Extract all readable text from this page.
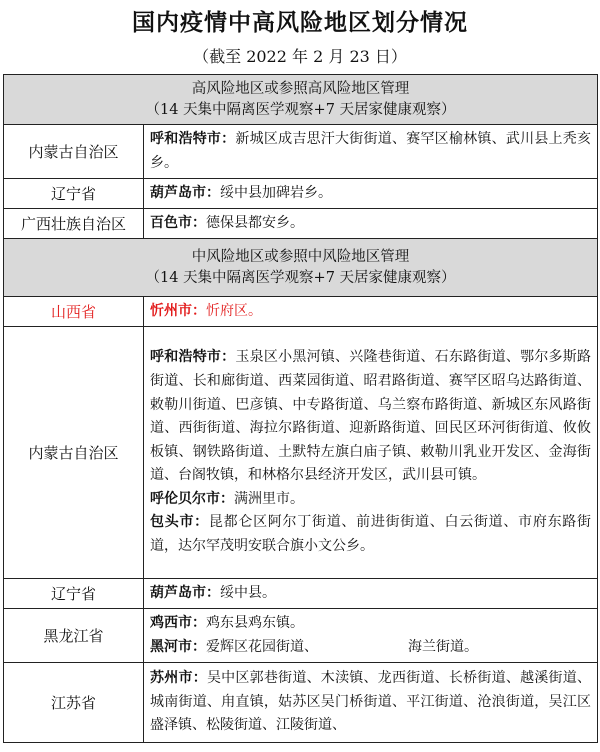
国内疫情中高风险地区划分情况
（截至 2022 年 2 月 23 日）
高风险地区或参照高风险地区管理
（14 天集中隔离医学观察+7 天居家健康观察）	

内蒙古自治区	呼和浩特市：新城区成吉思汗大街街道、赛罕区榆林镇、武川县上秃亥乡。
辽宁省	葫芦岛市：绥中县加碑岩乡。
广西壮族自治区	百色市：德保县都安乡。

中风险地区或参照中风险地区管理
（14 天集中隔离医学观察+7 天居家健康观察）	

山西省	忻州市：忻府区。
内蒙古自治区	呼和浩特市：玉泉区小黑河镇、兴隆巷街道、石东路街道、鄂尔多斯路街道、长和廊街道、西菜园街道、昭君路街道、赛罕区昭乌达路街道、敕勒川街道、巴彦镇、中专路街道、乌兰察布路街道、新城区东风路街道、西街街道、海拉尔路街道、迎新路街道、回民区环河街街道、攸攸板镇、钢铁路街道、土默特左旗白庙子镇、敕勒川乳业开发区、金海街道、台阁牧镇，和林格尔县经济开发区，武川县可镇。
呼伦贝尔市：满洲里市。
包头市：昆都仑区阿尔丁街道、前进街街道、白云街道、市府东路街道，达尔罕茂明安联合旗小文公乡。

辽宁省	葫芦岛市：绥中县。
黑龙江省	鸡西市：鸡东县鸡东镇。
黑河市：爱辉区花园街道、 海兰街道。

江苏省	苏州市：吴中区郭巷街道、木渎镇、龙西街道、长桥街道、越溪街道、城南街道、甪直镇，姑苏区吴门桥街道、平江街道、沧浪街道，吴江区盛泽镇、松陵街道、江陵街道、
